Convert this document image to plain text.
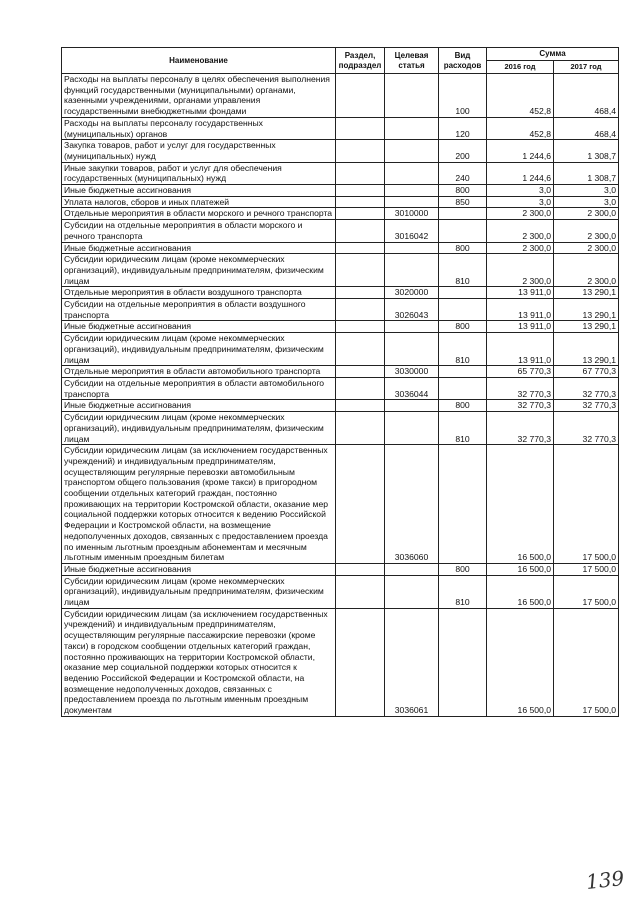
Наименование	Раздел, подраздел	Целевая статья	Вид расходов	Сумма	
				2016 год	2017 год
Расходы на выплаты персоналу в целях обеспечения выполнения функций государственными (муниципальными) органами, казенными учреждениями, органами управления государственными внебюджетными фондами			100	452,8	468,4
Расходы на выплаты персоналу государственных (муниципальных) органов			120	452,8	468,4
Закупка товаров, работ и услуг для государственных (муниципальных) нужд			200	1 244,6	1 308,7
Иные закупки товаров, работ и услуг для обеспечения государственных (муниципальных) нужд			240	1 244,6	1 308,7
Иные бюджетные ассигнования			800	3,0	3,0
Уплата налогов, сборов и иных платежей			850	3,0	3,0
Отдельные мероприятия в области морского и речного транспорта		3010000		2 300,0	2 300,0
Субсидии на отдельные мероприятия в области морского и речного транспорта		3016042		2 300,0	2 300,0
Иные бюджетные ассигнования			800	2 300,0	2 300,0
Субсидии юридическим лицам (кроме некоммерческих организаций), индивидуальным предпринимателям, физическим лицам			810	2 300,0	2 300,0
Отдельные мероприятия в области воздушного транспорта		3020000		13 911,0	13 290,1
Субсидии на отдельные мероприятия в области воздушного транспорта		3026043		13 911,0	13 290,1
Иные бюджетные ассигнования			800	13 911,0	13 290,1
Субсидии юридическим лицам (кроме некоммерческих организаций), индивидуальным предпринимателям, физическим лицам			810	13 911,0	13 290,1
Отдельные мероприятия в области автомобильного транспорта		3030000		65 770,3	67 770,3
Субсидии на отдельные мероприятия в области автомобильного транспорта		3036044		32 770,3	32 770,3
Иные бюджетные ассигнования			800	32 770,3	32 770,3
Субсидии юридическим лицам (кроме некоммерческих организаций), индивидуальным предпринимателям, физическим лицам			810	32 770,3	32 770,3
Субсидии юридическим лицам (за исключением государственных учреждений) и индивидуальным предпринимателям, осуществляющим регулярные перевозки автомобильным транспортом общего пользования (кроме такси) в пригородном сообщении отдельных категорий граждан, постоянно проживающих на территории Костромской области, оказание мер социальной поддержки которых относится к ведению Российской Федерации и Костромской области, на возмещение недополученных доходов, связанных с предоставлением проезда по именным льготным проездным абонементам и месячным льготным именным проездным билетам		3036060		16 500,0	17 500,0
Иные бюджетные ассигнования			800	16 500,0	17 500,0
Субсидии юридическим лицам (кроме некоммерческих организаций), индивидуальным предпринимателям, физическим лицам			810	16 500,0	17 500,0
Субсидии юридическим лицам (за исключением государственных учреждений) и индивидуальным предпринимателям, осуществляющим регулярные пассажирские перевозки (кроме такси) в городском сообщении отдельных категорий граждан, постоянно проживающих на территории Костромской области, оказание мер социальной поддержки которых относится к ведению Российской Федерации и Костромской области, на возмещение недополученных доходов, связанных с предоставлением проезда по льготным именным проездным документам		3036061		16 500,0	17 500,0
139
